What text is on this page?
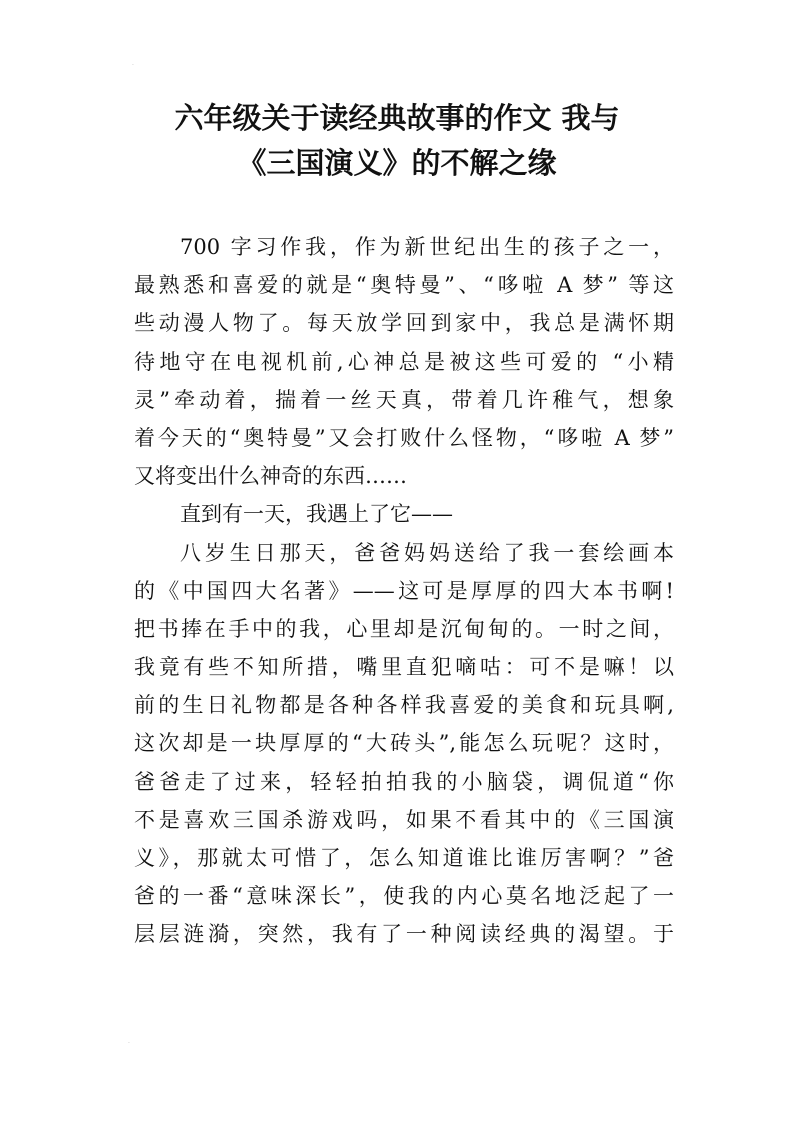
·
·
六年级关于读经典故事的作文 我与
《三国演义》的不解之缘
700 字习作我，作为新世纪出生的孩子之一，
最熟悉和喜爱的就是“奥特曼”、“哆啦 A 梦” 等这
些动漫人物了。每天放学回到家中，我总是满怀期
待地守在电视机前,心神总是被这些可爱的 “小精
灵”牵动着，揣着一丝天真，带着几许稚气，想象
着今天的“奥特曼”又会打败什么怪物，“哆啦 A 梦”
又将变出什么神奇的东西……
直到有一天，我遇上了它——
八岁生日那天，爸爸妈妈送给了我一套绘画本
的《中国四大名著》——这可是厚厚的四大本书啊!
把书捧在手中的我，心里却是沉甸甸的。一时之间，
我竟有些不知所措，嘴里直犯嘀咕：可不是嘛！以
前的生日礼物都是各种各样我喜爱的美食和玩具啊,
这次却是一块厚厚的“大砖头”,能怎么玩呢？这时，
爸爸走了过来，轻轻拍拍我的小脑袋，调侃道“你
不是喜欢三国杀游戏吗，如果不看其中的《三国演
义》，那就太可惜了，怎么知道谁比谁厉害啊？”爸
爸的一番“意味深长”，使我的内心莫名地泛起了一
层层涟漪，突然，我有了一种阅读经典的渴望。于
